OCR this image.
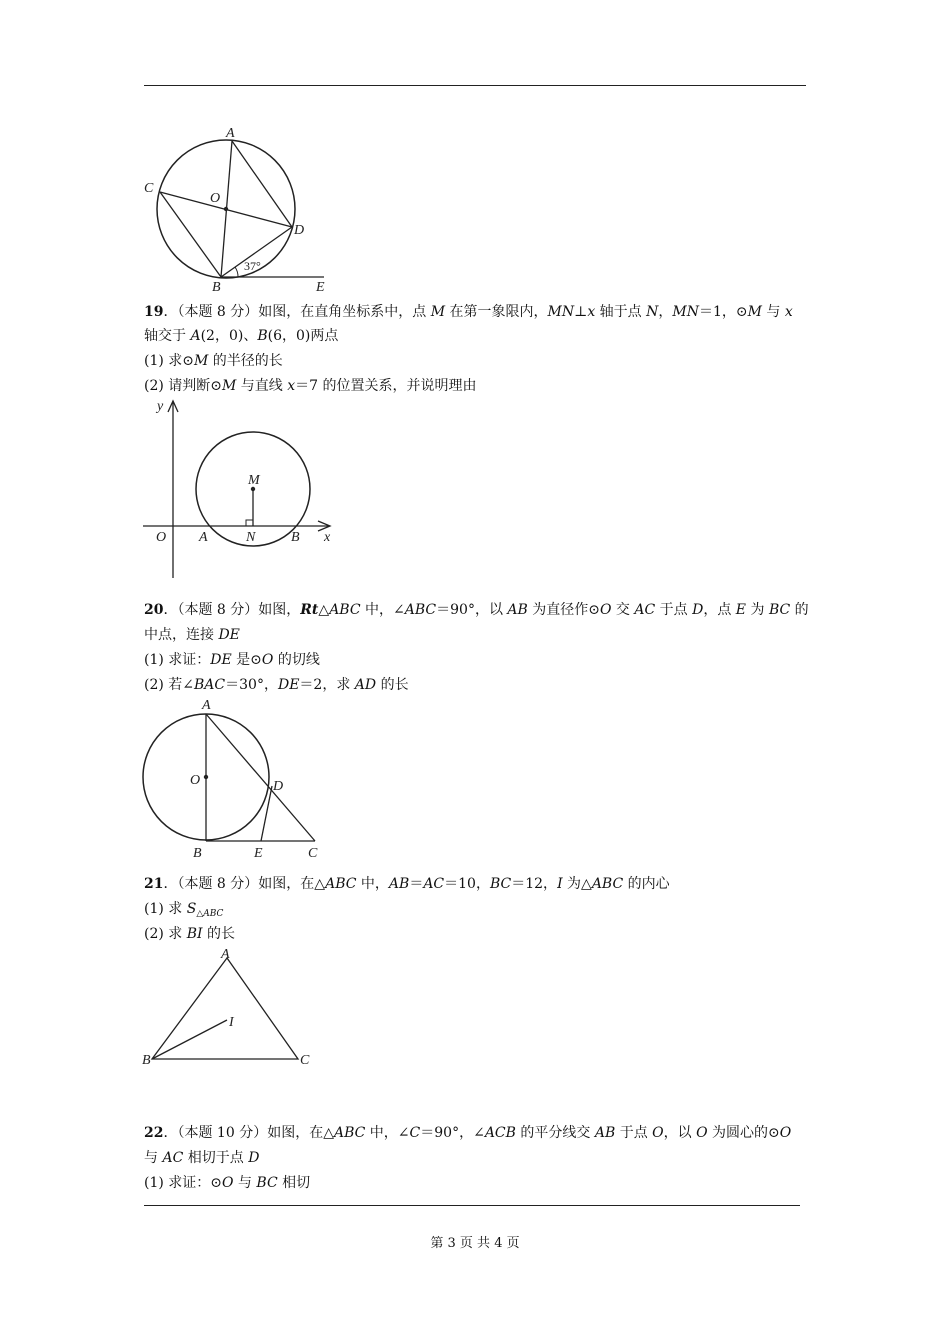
A
C
O
D
B	E
37°
19．（本题 8 分）如图，在直角坐标系中，点 M 在第一象限内，MN⊥x 轴于点 N，MN＝1，⊙M 与 x
轴交于 A(2，0)、B(6，0)两点
(1) 求⊙M 的半径的长
(2) 请判断⊙M 与直线 x＝7 的位置关系，并说明理由
y
M
O A	N	B x
20．（本题 8 分）如图，Rt△ABC 中，∠ABC＝90°，以 AB 为直径作⊙O 交 AC 于点 D，点 E 为 BC 的
中点，连接 DE
(1) 求证：DE 是⊙O 的切线
(2) 若∠BAC＝30°，DE＝2，求 AD 的长
A
O	D
B	E	C
21．（本题 8 分）如图，在△ABC 中，AB＝AC＝10，BC＝12，I 为△ABC 的内心
(1) 求 $S_{\triangle ABC}$
(2) 求 BI 的长
A
I
B	C
22．（本题 10 分）如图，在△ABC 中，∠C＝90°，∠ACB 的平分线交 AB 于点 O，以 O 为圆心的⊙O
与 AC 相切于点 D
(1) 求证：⊙O 与 BC 相切
第 3 页 共 4 页
